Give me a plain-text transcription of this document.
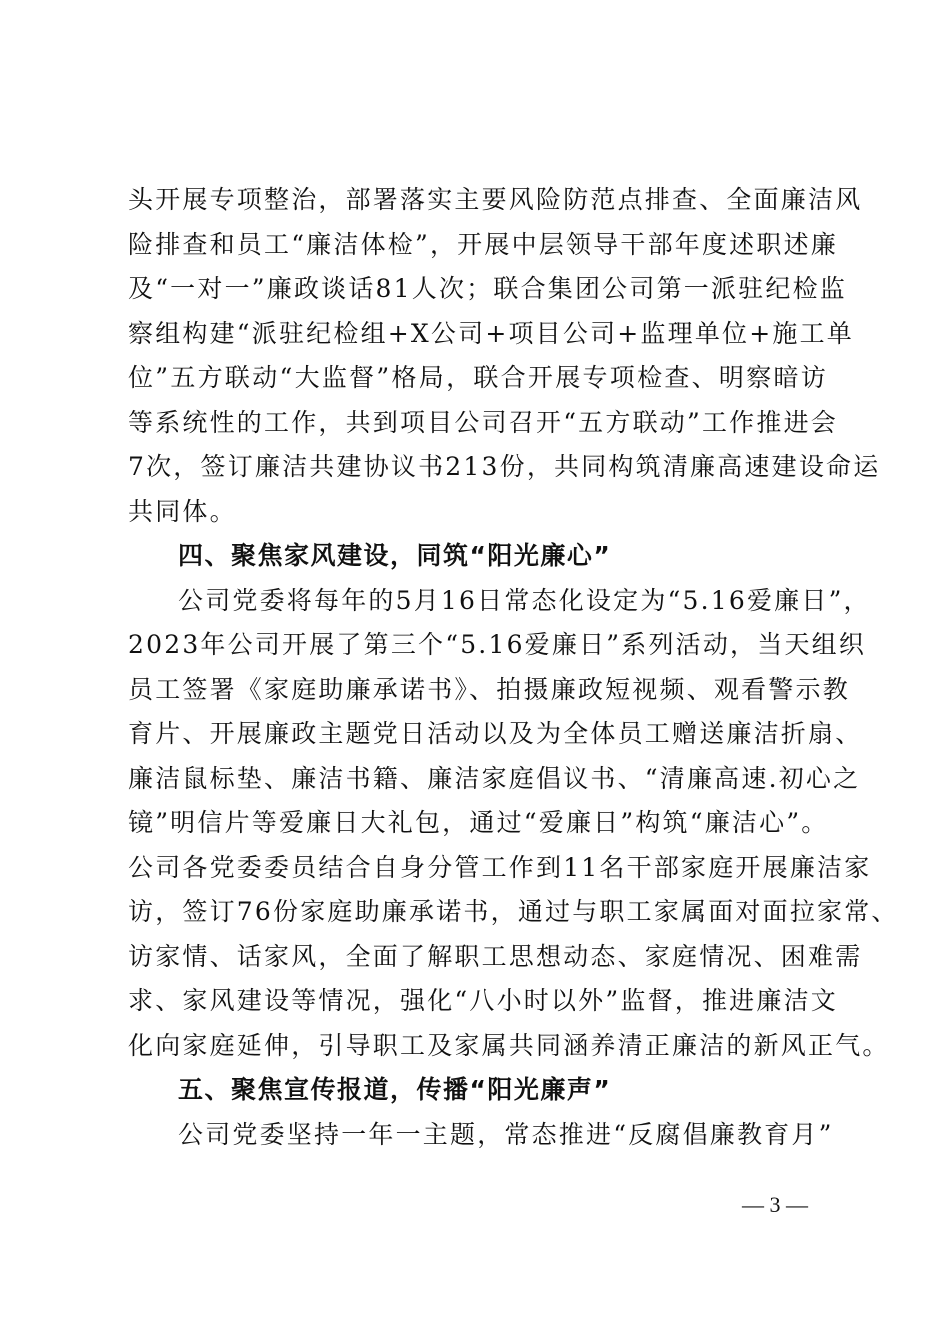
头开展专项整治，部署落实主要风险防范点排查、全面廉洁风
险排查和员工“廉洁体检”，开展中层领导干部年度述职述廉
及“一对一”廉政谈话81人次；联合集团公司第一派驻纪检监
察组构建“派驻纪检组+X公司+项目公司+监理单位+施工单
位”五方联动“大监督”格局，联合开展专项检查、明察暗访
等系统性的工作，共到项目公司召开“五方联动”工作推进会
7次，签订廉洁共建协议书213份，共同构筑清廉高速建设命运
共同体。
四、聚焦家风建设，同筑“阳光廉心”
公司党委将每年的5月16日常态化设定为“5.16爱廉日”，
2023年公司开展了第三个“5.16爱廉日”系列活动，当天组织
员工签署《家庭助廉承诺书》、拍摄廉政短视频、观看警示教
育片、开展廉政主题党日活动以及为全体员工赠送廉洁折扇、
廉洁鼠标垫、廉洁书籍、廉洁家庭倡议书、“清廉高速.初心之
镜”明信片等爱廉日大礼包，通过“爱廉日”构筑“廉洁心”。
公司各党委委员结合自身分管工作到11名干部家庭开展廉洁家
访，签订76份家庭助廉承诺书，通过与职工家属面对面拉家常、
访家情、话家风，全面了解职工思想动态、家庭情况、困难需
求、家风建设等情况，强化“八小时以外”监督，推进廉洁文
化向家庭延伸，引导职工及家属共同涵养清正廉洁的新风正气。
五、聚焦宣传报道，传播“阳光廉声”
公司党委坚持一年一主题，常态推进“反腐倡廉教育月”
— 3 —
